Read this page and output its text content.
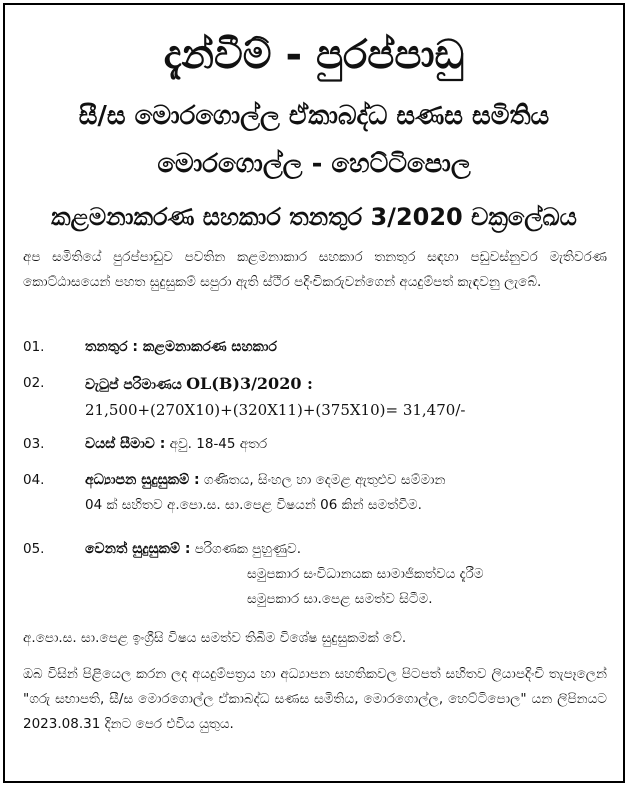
දැන්වීම් - පුරප්පාඩු
සී/ස මොරගොල්ල ඒකාබද්ධ සණස සමිතිය
මොරගොල්ල - හෙට්ටිපොල
කළමනාකරණ සහකාර තනතුර 3/2020 චක්‍රලේඛය
අප සමිතියේ පුරප්පාඩුව පවතින කළමනාකාර සහකාර තනතුර සඳහා පඩුවස්නුවර මැතිවරණ කොට්ඨාසයෙන් පහත සුදුසුකම් සපුරා ඇති ස්ථිර පදිංචිකරුවන්ගෙන් අයදුම්පත් කැඳවනු ලැබේ.
01.	තනතුර : කළමනාකරණ සහකාර
02.	වැටුප් පරිමාණය OL(B)3/2020 :
21,500+(270X10)+(320X11)+(375X10)= 31,470/-
03.	වයස් සීමාව : අවු. 18-45 අතර
04.	අධ්‍යාපන සුදුසුකම් : ගණිතය, සිංහල හා දෙමළ ඇතුළුව සම්මාන
04 ක් සහිතව අ.පො.ස. සා.පෙළ විෂයන් 06 කින් සමත්වීම.
05.	වෙනත් සුදුසුකම් : පරිගණක පුහුණුව.
සමුපකාර සංවිධානයක සාමාජිකත්වය දැරීම
සමුපකාර සා.පෙළ සමත්ව සිටීම.
අ.පො.ස. සා.පෙළ ඉංග්‍රීසි විෂය සමත්ව තිබීම විශේෂ සුදුසුකමක් වේ.
ඔබ විසින් පිළියෙල කරන ලද අයදුම්පත්‍රය හා අධ්‍යාපන සහතිකවල පිටපත් සහිතව ලියාපදිංචි තැපෑලෙන් "ගරු සභාපති, සී/ස මොරගොල්ල ඒකාබද්ධ සණස සමිතිය, මොරගොල්ල, හෙට්ටිපොල" යන ලිපිනයට 2023.08.31 දිනට පෙර එවිය යුතුය.
